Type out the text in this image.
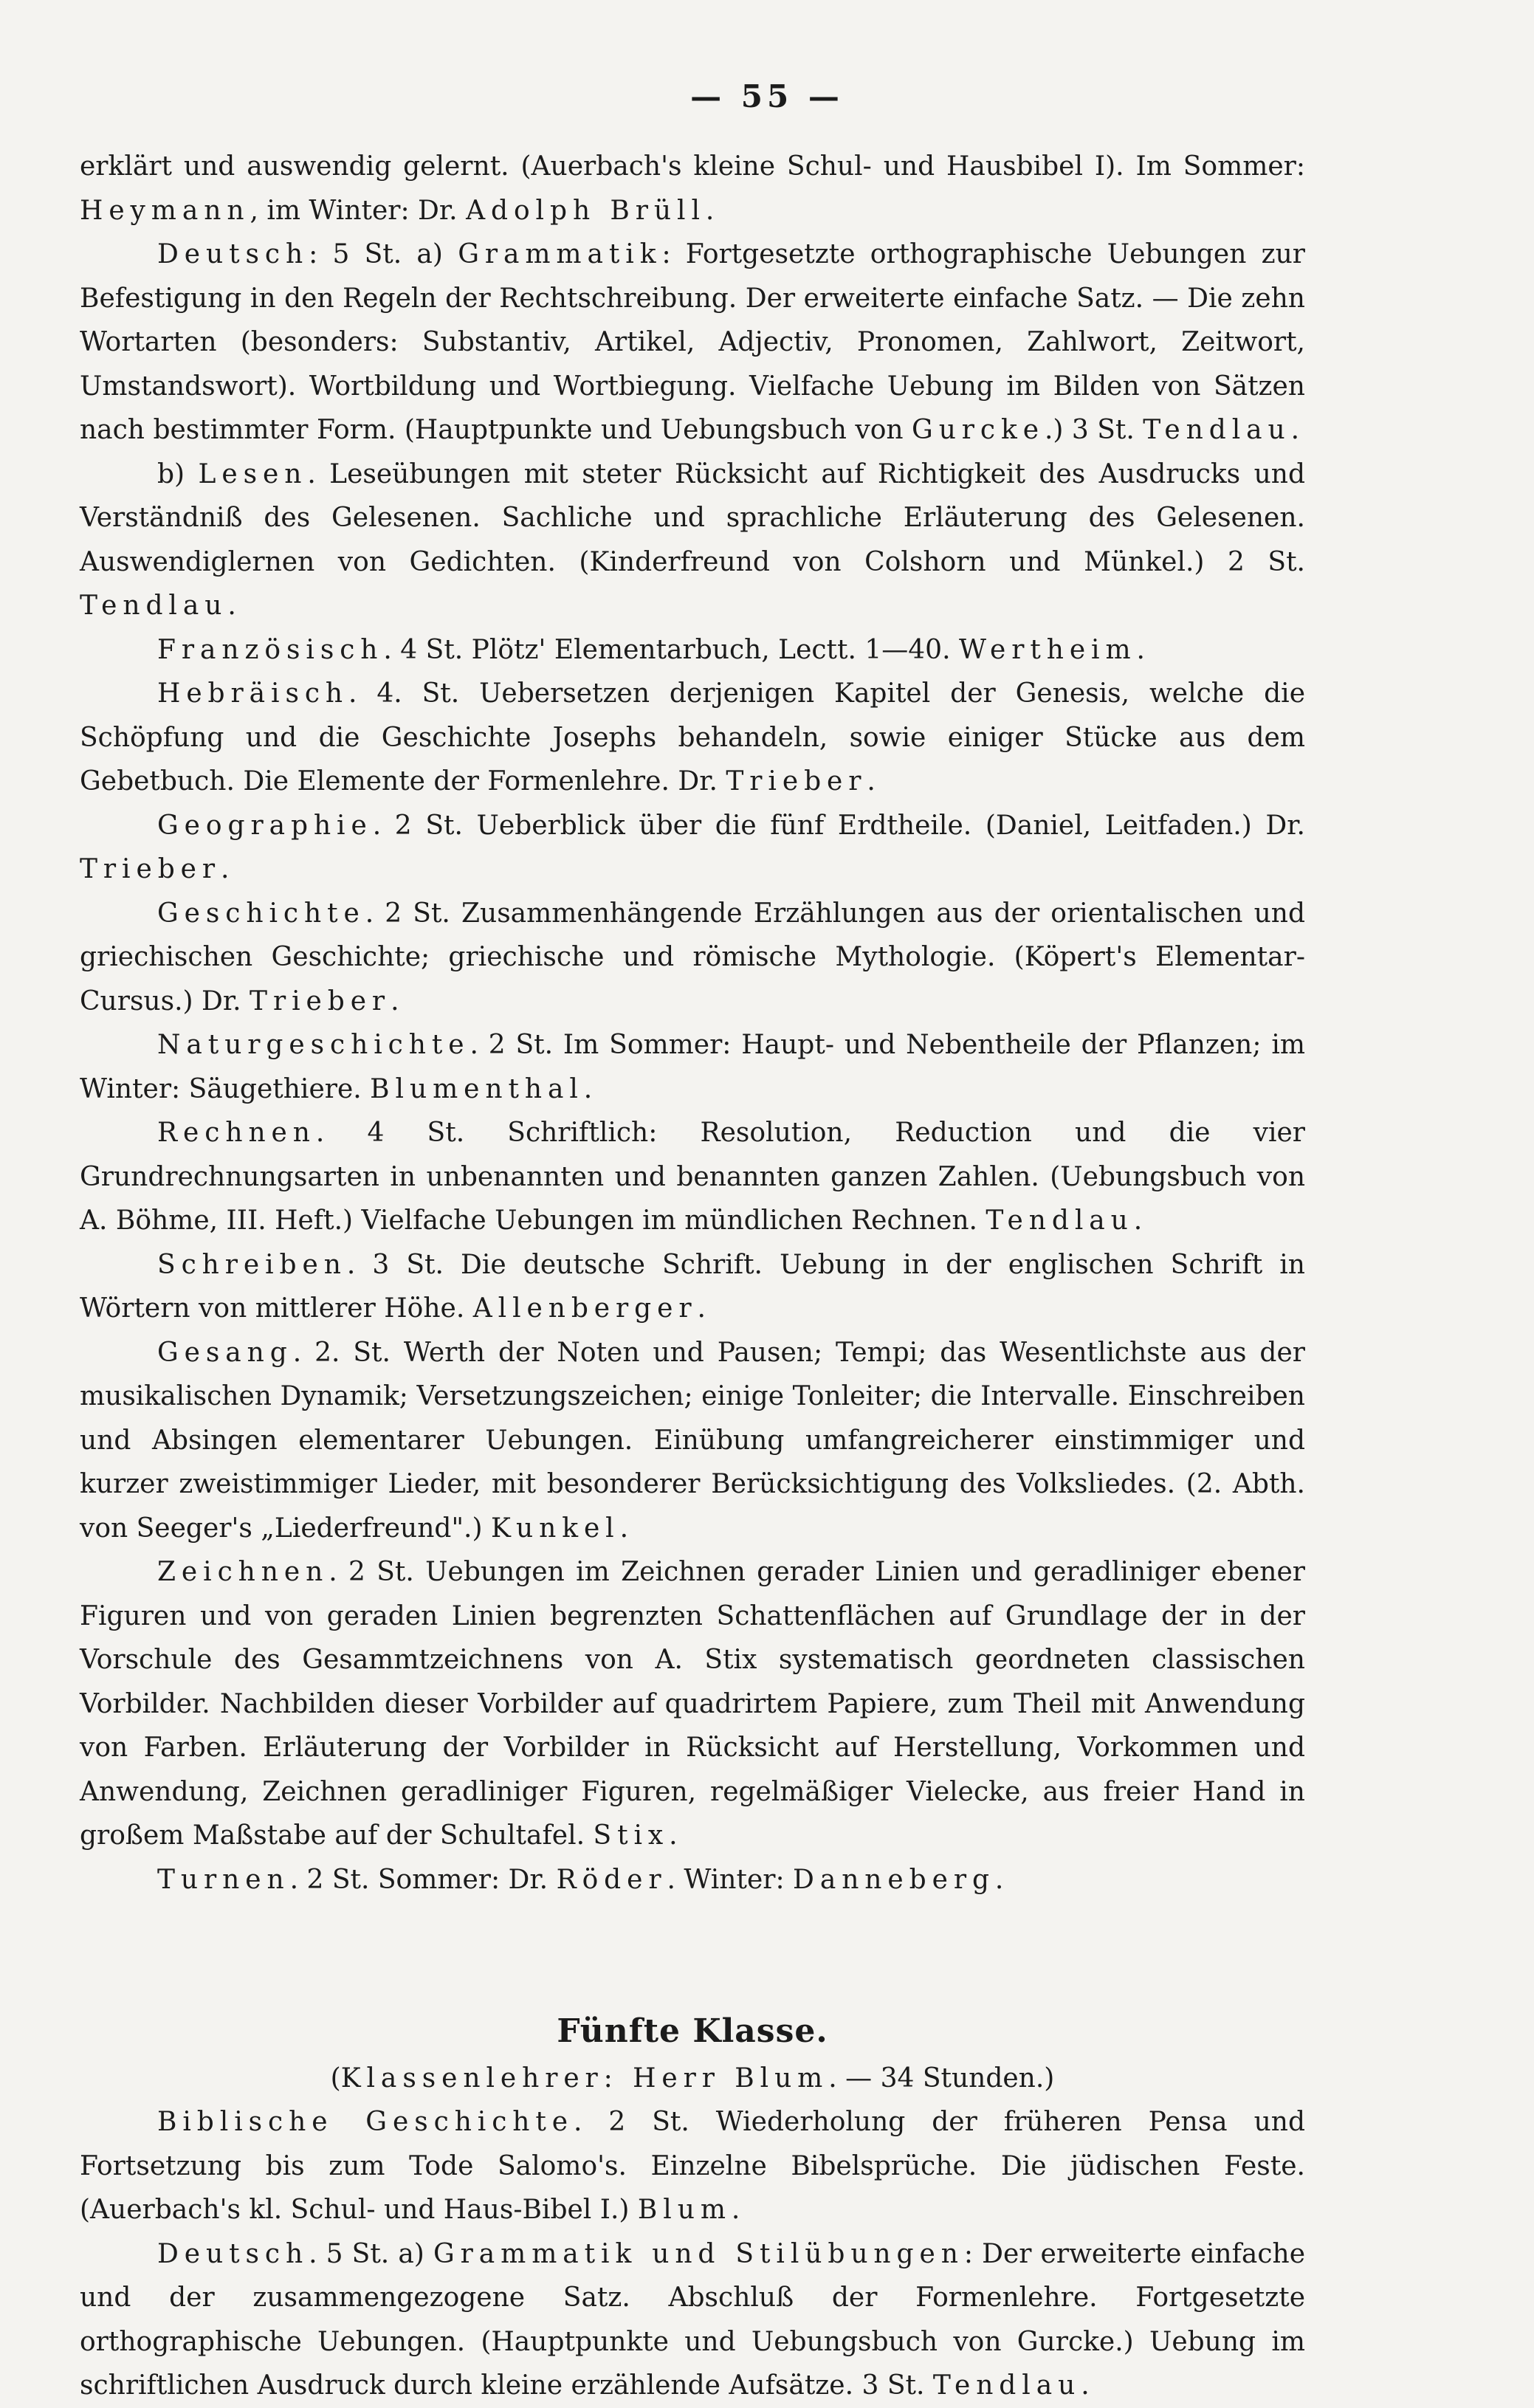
— 55 —

erklärt und auswendig gelernt. (Auerbach's kleine Schul- und Hausbibel I). Im Sommer: Heymann, im Winter: Dr. Adolph Brüll.

Deutsch: 5 St. a) Grammatik: Fortgesetzte orthographische Uebungen zur Befestigung in den Regeln der Rechtschreibung. Der erweiterte einfache Satz. — Die zehn Wortarten (besonders: Substantiv, Artikel, Adjectiv, Pronomen, Zahlwort, Zeitwort, Umstandswort). Wortbildung und Wortbiegung. Vielfache Uebung im Bilden von Sätzen nach bestimmter Form. (Hauptpunkte und Uebungsbuch von Gurcke.) 3 St. Tendlau.

b) Lesen. Leseübungen mit steter Rücksicht auf Richtigkeit des Ausdrucks und Verständniß des Gelesenen. Sachliche und sprachliche Erläuterung des Gelesenen. Auswendiglernen von Gedichten. (Kinderfreund von Colshorn und Münkel.) 2 St. Tendlau.

Französisch. 4 St. Plötz' Elementarbuch, Lectt. 1—40. Wertheim.

Hebräisch. 4. St. Uebersetzen derjenigen Kapitel der Genesis, welche die Schöpfung und die Geschichte Josephs behandeln, sowie einiger Stücke aus dem Gebetbuch. Die Elemente der Formenlehre. Dr. Trieber.

Geographie. 2 St. Ueberblick über die fünf Erdtheile. (Daniel, Leitfaden.) Dr. Trieber.

Geschichte. 2 St. Zusammenhängende Erzählungen aus der orientalischen und griechischen Geschichte; griechische und römische Mythologie. (Köpert's Elementar-Cursus.) Dr. Trieber.

Naturgeschichte. 2 St. Im Sommer: Haupt- und Nebentheile der Pflanzen; im Winter: Säugethiere. Blumenthal.

Rechnen. 4 St. Schriftlich: Resolution, Reduction und die vier Grundrechnungsarten in unbenannten und benannten ganzen Zahlen. (Uebungsbuch von A. Böhme, III. Heft.) Vielfache Uebungen im mündlichen Rechnen. Tendlau.

Schreiben. 3 St. Die deutsche Schrift. Uebung in der englischen Schrift in Wörtern von mittlerer Höhe. Allenberger.

Gesang. 2. St. Werth der Noten und Pausen; Tempi; das Wesentlichste aus der musikalischen Dynamik; Versetzungszeichen; einige Tonleiter; die Intervalle. Einschreiben und Absingen elementarer Uebungen. Einübung umfangreicherer einstimmiger und kurzer zweistimmiger Lieder, mit besonderer Berücksichtigung des Volksliedes. (2. Abth. von Seeger's „Liederfreund".) Kunkel.

Zeichnen. 2 St. Uebungen im Zeichnen gerader Linien und geradliniger ebener Figuren und von geraden Linien begrenzten Schattenflächen auf Grundlage der in der Vorschule des Gesammtzeichnens von A. Stix systematisch geordneten classischen Vorbilder. Nachbilden dieser Vorbilder auf quadrirtem Papiere, zum Theil mit Anwendung von Farben. Erläuterung der Vorbilder in Rücksicht auf Herstellung, Vorkommen und Anwendung, Zeichnen geradliniger Figuren, regelmäßiger Vielecke, aus freier Hand in großem Maßstabe auf der Schultafel. Stix.

Turnen. 2 St. Sommer: Dr. Röder. Winter: Danneberg.

Fünfte Klasse.

(Klassenlehrer: Herr Blum. — 34 Stunden.)

Biblische Geschichte. 2 St. Wiederholung der früheren Pensa und Fortsetzung bis zum Tode Salomo's. Einzelne Bibelsprüche. Die jüdischen Feste. (Auerbach's kl. Schul- und Haus-Bibel I.) Blum.

Deutsch. 5 St. a) Grammatik und Stilübungen: Der erweiterte einfache und der zusammengezogene Satz. Abschluß der Formenlehre. Fortgesetzte orthographische Uebungen. (Hauptpunkte und Uebungsbuch von Gurcke.) Uebung im schriftlichen Ausdruck durch kleine erzählende Aufsätze. 3 St. Tendlau.
